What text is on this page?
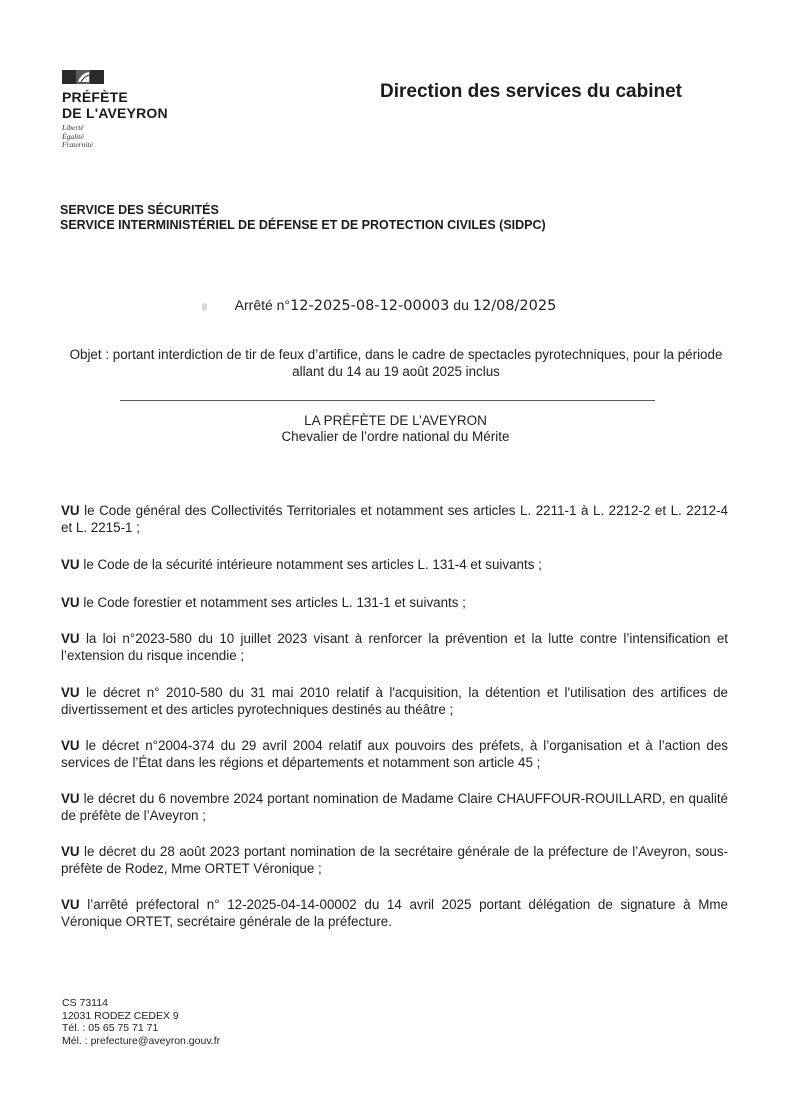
PRÉFÈTE
DE L'AVEYRON
Liberté
Égalité
Fraternité
Direction des services du cabinet
SERVICE DES SÉCURITÉS
SERVICE INTERMINISTÉRIEL DE DÉFENSE ET DE PROTECTION CIVILES (SIDPC)
Arrêté n°12-2025-08-12-00003 du 12/08/2025
Objet : portant interdiction de tir de feux d’artifice, dans le cadre de spectacles pyrotechniques, pour la période allant du 14 au 19 août 2025 inclus
LA PRÉFÈTE DE L’AVEYRON
Chevalier de l’ordre national du Mérite
VU le Code général des Collectivités Territoriales et notamment ses articles L. 2211-1 à L. 2212-2 et L. 2212-4 et L. 2215-1 ;
VU le Code de la sécurité intérieure notamment ses articles L. 131-4 et suivants ;
VU le Code forestier et notamment ses articles L. 131-1 et suivants ;
VU la loi n°2023-580 du 10 juillet 2023 visant à renforcer la prévention et la lutte contre l’intensification et l’extension du risque incendie ;
VU le décret n° 2010-580 du 31 mai 2010 relatif à l'acquisition, la détention et l'utilisation des artifices de divertissement et des articles pyrotechniques destinés au théâtre ;
VU le décret n°2004-374 du 29 avril 2004 relatif aux pouvoirs des préfets, à l’organisation et à l’action des services de l’État dans les régions et départements et notamment son article 45 ;
VU le décret du 6 novembre 2024 portant nomination de Madame Claire CHAUFFOUR-ROUILLARD, en qualité de préfète de l’Aveyron ;
VU le décret du 28 août 2023 portant nomination de la secrétaire générale de la préfecture de l’Aveyron, sous-préfète de Rodez, Mme ORTET Véronique ;
VU l’arrêté préfectoral n° 12-2025-04-14-00002 du 14 avril 2025 portant délégation de signature à Mme Véronique ORTET, secrétaire générale de la préfecture.
CS 73114
12031 RODEZ CEDEX 9
Tél. : 05 65 75 71 71
Mél. : prefecture@aveyron.gouv.fr
